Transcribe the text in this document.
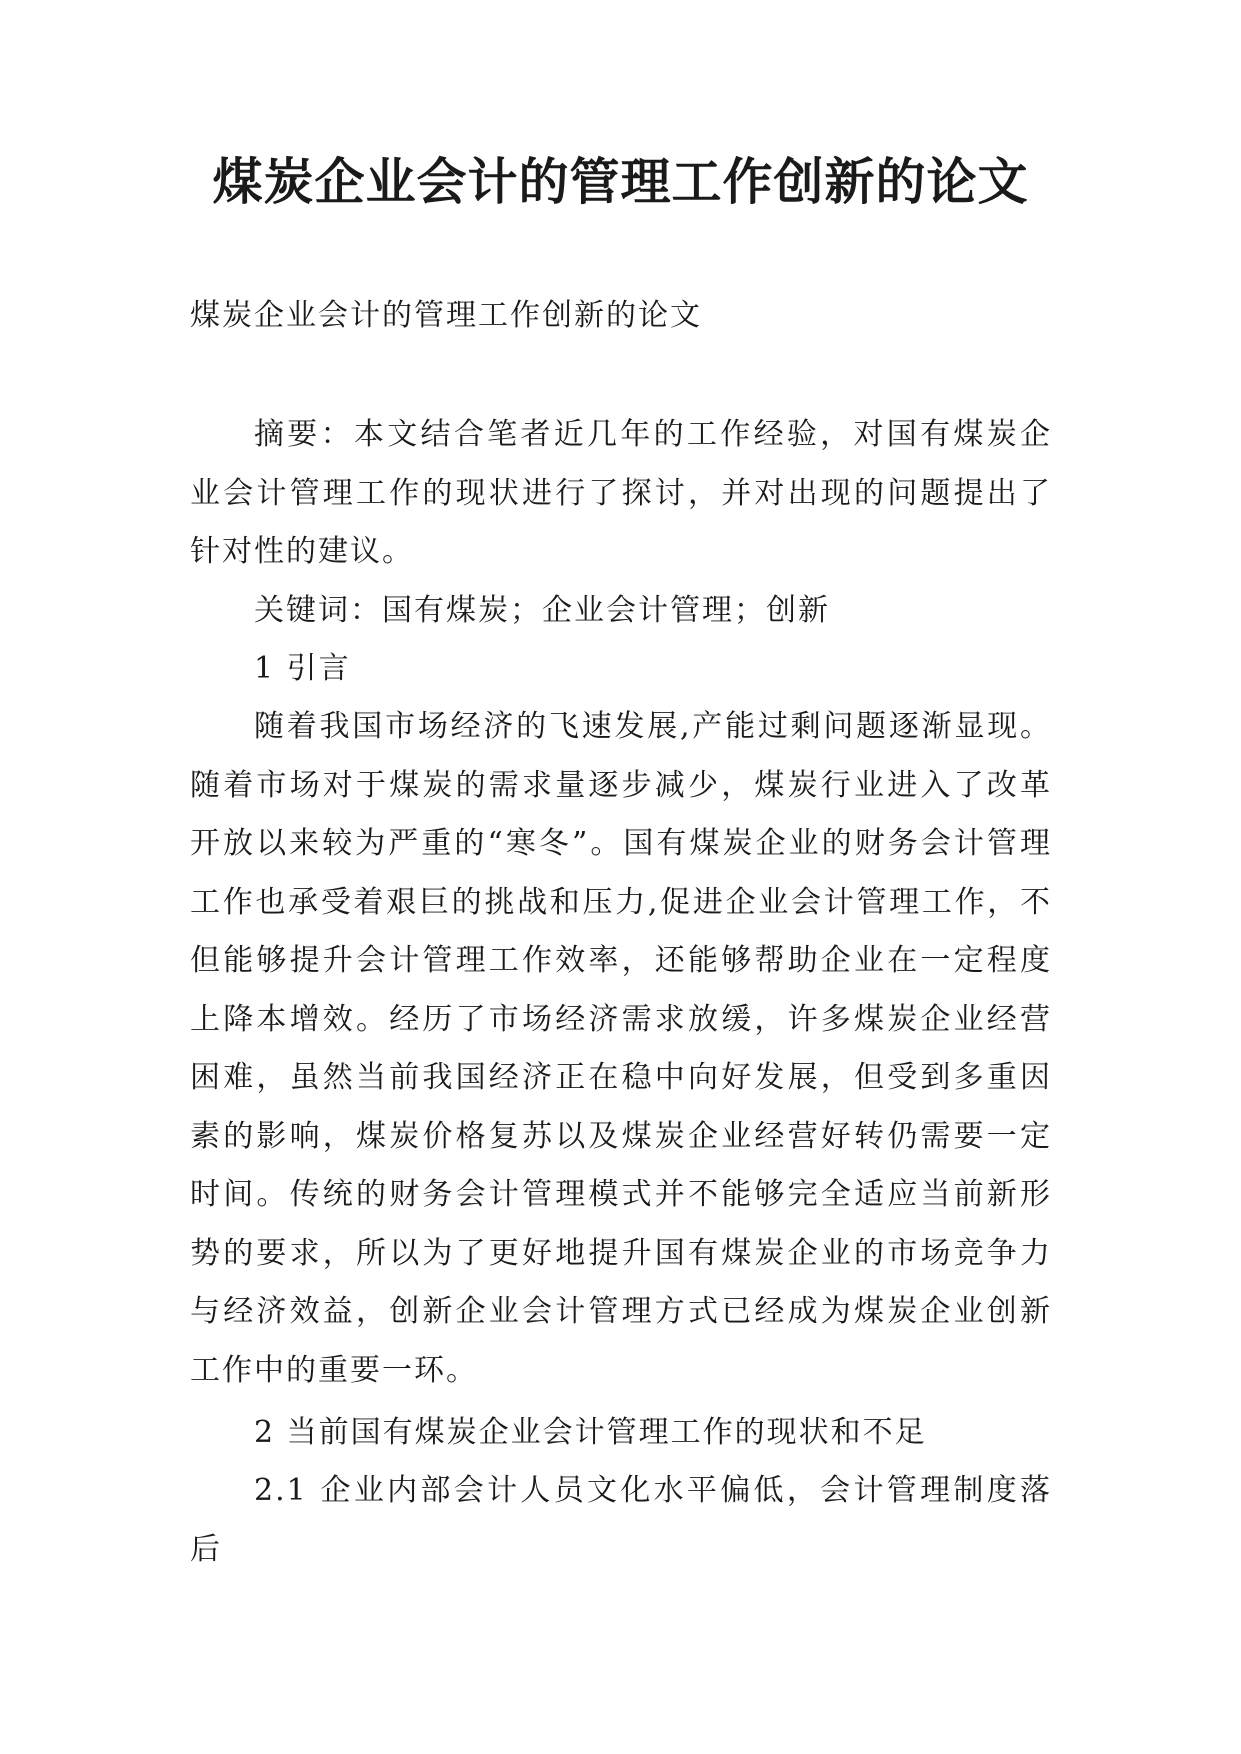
煤炭企业会计的管理工作创新的论文

煤炭企业会计的管理工作创新的论文

摘要：本文结合笔者近几年的工作经验，对国有煤炭企业会计管理工作的现状进行了探讨，并对出现的问题提出了针对性的建议。

关键词：国有煤炭；企业会计管理；创新

1 引言

随着我国市场经济的飞速发展,产能过剩问题逐渐显现。随着市场对于煤炭的需求量逐步减少，煤炭行业进入了改革开放以来较为严重的“寒冬”。国有煤炭企业的财务会计管理工作也承受着艰巨的挑战和压力,促进企业会计管理工作，不但能够提升会计管理工作效率，还能够帮助企业在一定程度上降本增效。经历了市场经济需求放缓，许多煤炭企业经营困难，虽然当前我国经济正在稳中向好发展，但受到多重因素的影响，煤炭价格复苏以及煤炭企业经营好转仍需要一定时间。传统的财务会计管理模式并不能够完全适应当前新形势的要求，所以为了更好地提升国有煤炭企业的市场竞争力与经济效益，创新企业会计管理方式已经成为煤炭企业创新工作中的重要一环。

2 当前国有煤炭企业会计管理工作的现状和不足

2.1 企业内部会计人员文化水平偏低，会计管理制度落后
